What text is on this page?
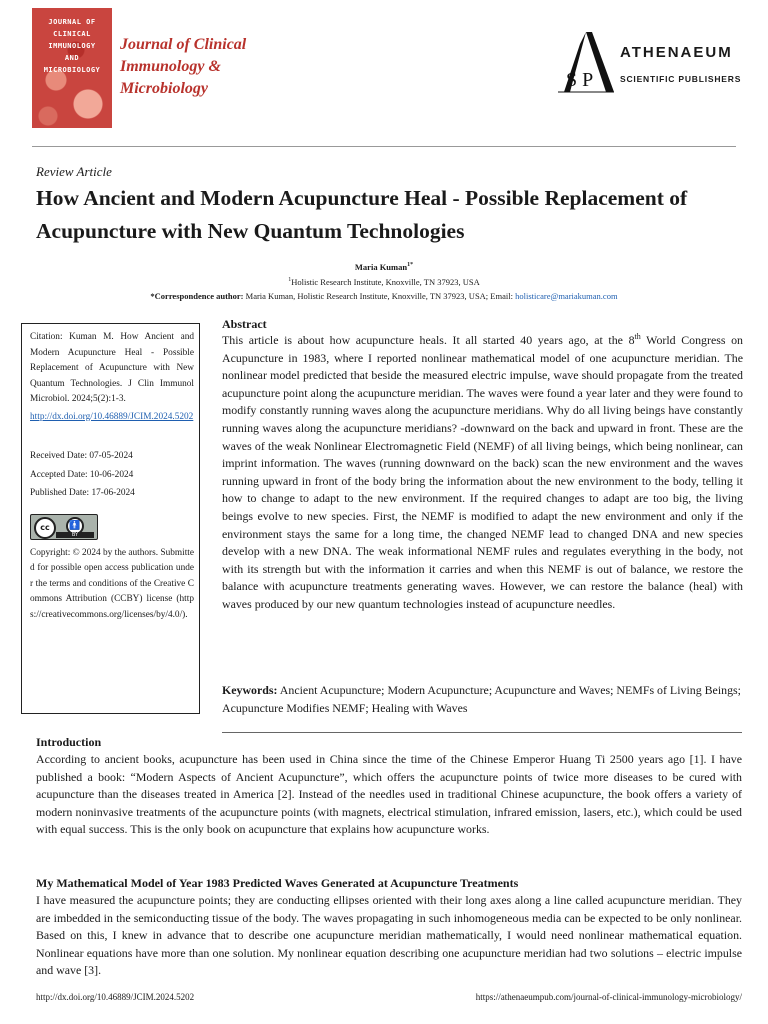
JOURNAL OF
CLINICAL
IMMUNOLOGY
AND
MICROBIOLOGY
Journal of Clinical
Immunology &
Microbiology	S P
ATHENAEUM
SCIENTIFIC PUBLISHERS
Review Article
How Ancient and Modern Acupuncture Heal - Possible Replacement of Acupuncture with New Quantum Technologies
Maria Kuman$^{1*}$
$^1$Holistic Research Institute, Knoxville, TN 37923, USA
*Correspondence author: Maria Kuman, Holistic Research Institute, Knoxville, TN 37923, USA; Email: holisticare@mariakuman.com

Citation: Kuman M. How Ancient and Modern Acupuncture Heal - Possible Replacement of Acupuncture with New Quantum Technologies. J Clin Immunol Microbiol. 2024;5(2):1-3.

http://dx.doi.org/10.46889/JCIM.2024.5202

Received Date: 07-05-2024
Accepted Date: 10-06-2024
Published Date: 17-06-2024
cc	🚹
BY

Copyright: © 2024 by the authors. Submitted for possible open access publication under the terms and conditions of the Creative Commons Attribution (CCBY) license (https://creativecommons.org/licenses/by/4.0/).

Abstract
This article is about how acupuncture heals. It all started 40 years ago, at the 8th World Congress on Acupuncture in 1983, where I reported nonlinear mathematical model of one acupuncture meridian. The nonlinear model predicted that beside the measured electric impulse, wave should propagate from the treated acupuncture point along the acupuncture meridian. The waves were found a year later and they were found to modify constantly running waves along the acupuncture meridians. Why do all living beings have constantly running waves along the acupuncture meridians? -downward on the back and upward in front. These are the waves of the weak Nonlinear Electromagnetic Field (NEMF) of all living beings, which being nonlinear, can imprint information. The waves (running downward on the back) scan the new environment and the waves running upward in front of the body bring the information about the new environment to the body, telling it how to change to adapt to the new environment. If the required changes to adapt are too big, the living beings evolve to new species. First, the NEMF is modified to adapt the new environment and only if the environment stays the same for a long time, the changed NEMF lead to changed DNA and new species develop with a new DNA. The weak informational NEMF rules and regulates everything in the body, not with its strength but with the information it carries and when this NEMF is out of balance, we restore the balance with acupuncture treatments generating waves. However, we can restore the balance (heal) with waves produced by our new quantum technologies instead of acupuncture needles.
Keywords: Ancient Acupuncture; Modern Acupuncture; Acupuncture and Waves; NEMFs of Living Beings; Acupuncture Modifies NEMF; Healing with Waves
Introduction
According to ancient books, acupuncture has been used in China since the time of the Chinese Emperor Huang Ti 2500 years ago [1]. I have published a book: “Modern Aspects of Ancient Acupuncture”, which offers the acupuncture points of twice more diseases to be cured with acupuncture than the diseases treated in America [2]. Instead of the needles used in traditional Chinese acupuncture, the book offers a variety of modern noninvasive treatments of the acupuncture points (with magnets, electrical stimulation, infrared emission, lasers, etc.), which could be used with equal success. This is the only book on acupuncture that explains how acupuncture works.
My Mathematical Model of Year 1983 Predicted Waves Generated at Acupuncture Treatments
I have measured the acupuncture points; they are conducting ellipses oriented with their long axes along a line called acupuncture meridian. They are imbedded in the semiconducting tissue of the body. The waves propagating in such inhomogeneous media can be expected to be only nonlinear. Based on this, I knew in advance that to describe one acupuncture meridian mathematically, I would need nonlinear mathematical equation. Nonlinear equations have more than one solution. My nonlinear equation describing one acupuncture meridian had two solutions – electric impulse and wave [3].
http://dx.doi.org/10.46889/JCIM.2024.5202	https://athenaeumpub.com/journal-of-clinical-immunology-microbiology/
